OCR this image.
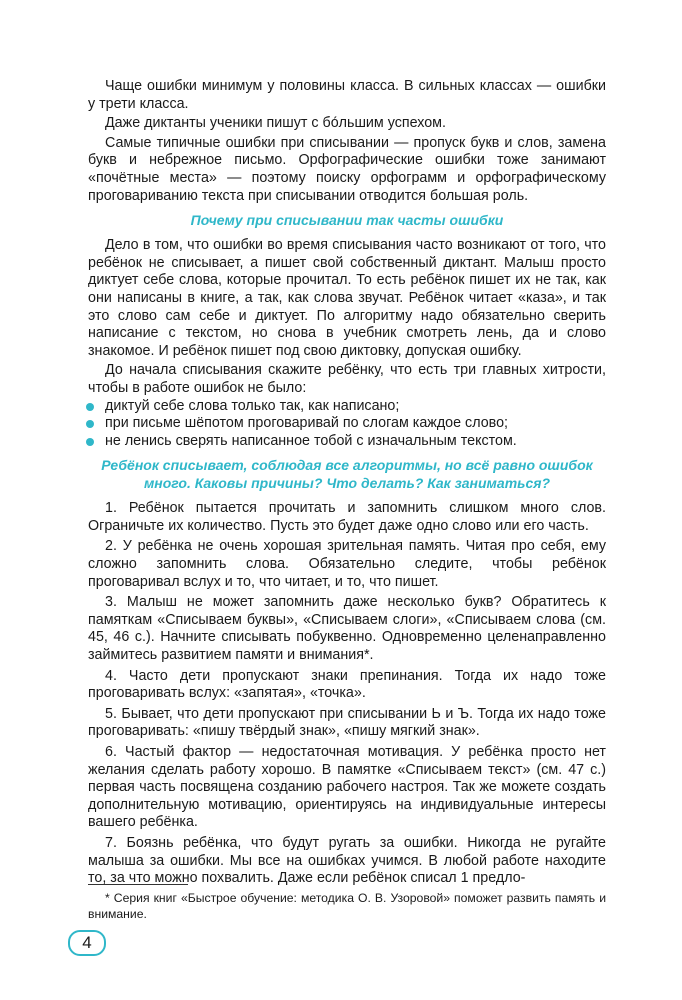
Чаще ошибки минимум у половины класса. В сильных классах — ошибки у трети класса.

Даже диктанты ученики пишут с бо́льшим успехом.

Самые типичные ошибки при списывании — пропуск букв и слов, замена букв и небрежное письмо. Орфографические ошибки тоже занимают «почётные места» — поэтому поиску орфограмм и орфографическому проговариванию текста при списывании отводится большая роль.

Почему при списывании так часты ошибки

Дело в том, что ошибки во время списывания часто возникают от того, что ребёнок не списывает, а пишет свой собственный диктант. Малыш просто диктует себе слова, которые прочитал. То есть ребёнок пишет их не так, как они написаны в книге, а так, как слова звучат. Ребёнок читает «каза», и так это слово сам себе и диктует. По алгоритму надо обязательно сверить написание с текстом, но снова в учебник смотреть лень, да и слово знакомое. И ребёнок пишет под свою диктовку, допуская ошибку.

До начала списывания скажите ребёнку, что есть три главных хитрости, чтобы в работе ошибок не было:

диктуй себе слова только так, как написано;
при письме шёпотом проговаривай по слогам каждое слово;
не ленись сверять написанное тобой с изначальным текстом.
Ребёнок списывает, соблюдая все алгоритмы, но всё равно ошибок много. Каковы причины? Что делать? Как заниматься?

1. Ребёнок пытается прочитать и запомнить слишком много слов. Ограничьте их количество. Пусть это будет даже одно слово или его часть.

2. У ребёнка не очень хорошая зрительная память. Читая про себя, ему сложно запомнить слова. Обязательно следите, чтобы ребёнок проговаривал вслух и то, что читает, и то, что пишет.

3. Малыш не может запомнить даже несколько букв? Обратитесь к памяткам «Списываем буквы», «Списываем слоги», «Списываем слова (см. 45, 46 с.). Начните списывать побуквенно. Одновременно целенаправленно займитесь развитием памяти и внимания*.

4. Часто дети пропускают знаки препинания. Тогда их надо тоже проговаривать вслух: «запятая», «точка».

5. Бывает, что дети пропускают при списывании Ь и Ъ. Тогда их надо тоже проговаривать: «пишу твёрдый знак», «пишу мягкий знак».

6. Частый фактор — недостаточная мотивация. У ребёнка просто нет желания сделать работу хорошо. В памятке «Списываем текст» (см. 47 с.) первая часть посвящена созданию рабочего настроя. Так же можете создать дополнительную мотивацию, ориентируясь на индивидуальные интересы вашего ребёнка.

7. Боязнь ребёнка, что будут ругать за ошибки. Никогда не ругайте малыша за ошибки. Мы все на ошибках учимся. В любой работе находите то, за что можно похвалить. Даже если ребёнок списал 1 предло-

* Серия книг «Быстрое обучение: методика О. В. Узоровой» поможет развить память и внимание.
4
